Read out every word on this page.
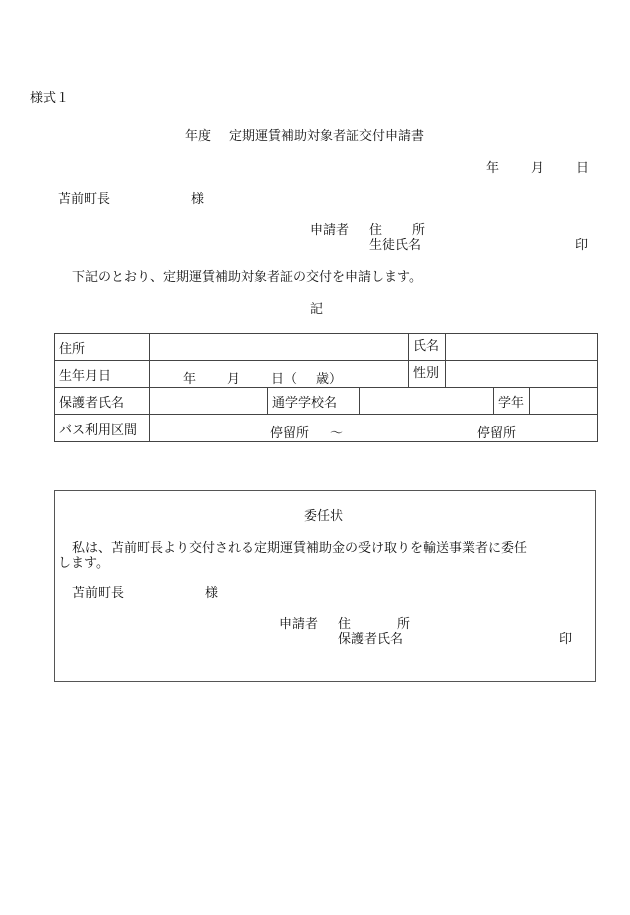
様式１
年度 定期運賃補助対象者証交付申請書
年 月 日
苫前町長	様
申請者 住 所
生徒氏名	印
下記のとおり、定期運賃補助対象者証の交付を申請します。
記
住所				氏名		

生年月日	年 月 日（ 歳）			性別		

保護者氏名		通学学校名			学年	
バス利用区間	停留所 〜 停留所					
委任状
私は、苫前町長より交付される定期運賃補助金の受け取りを輸送事業者に委任
します。
苫前町長	様
申請者 住	所
保護者氏名	印
